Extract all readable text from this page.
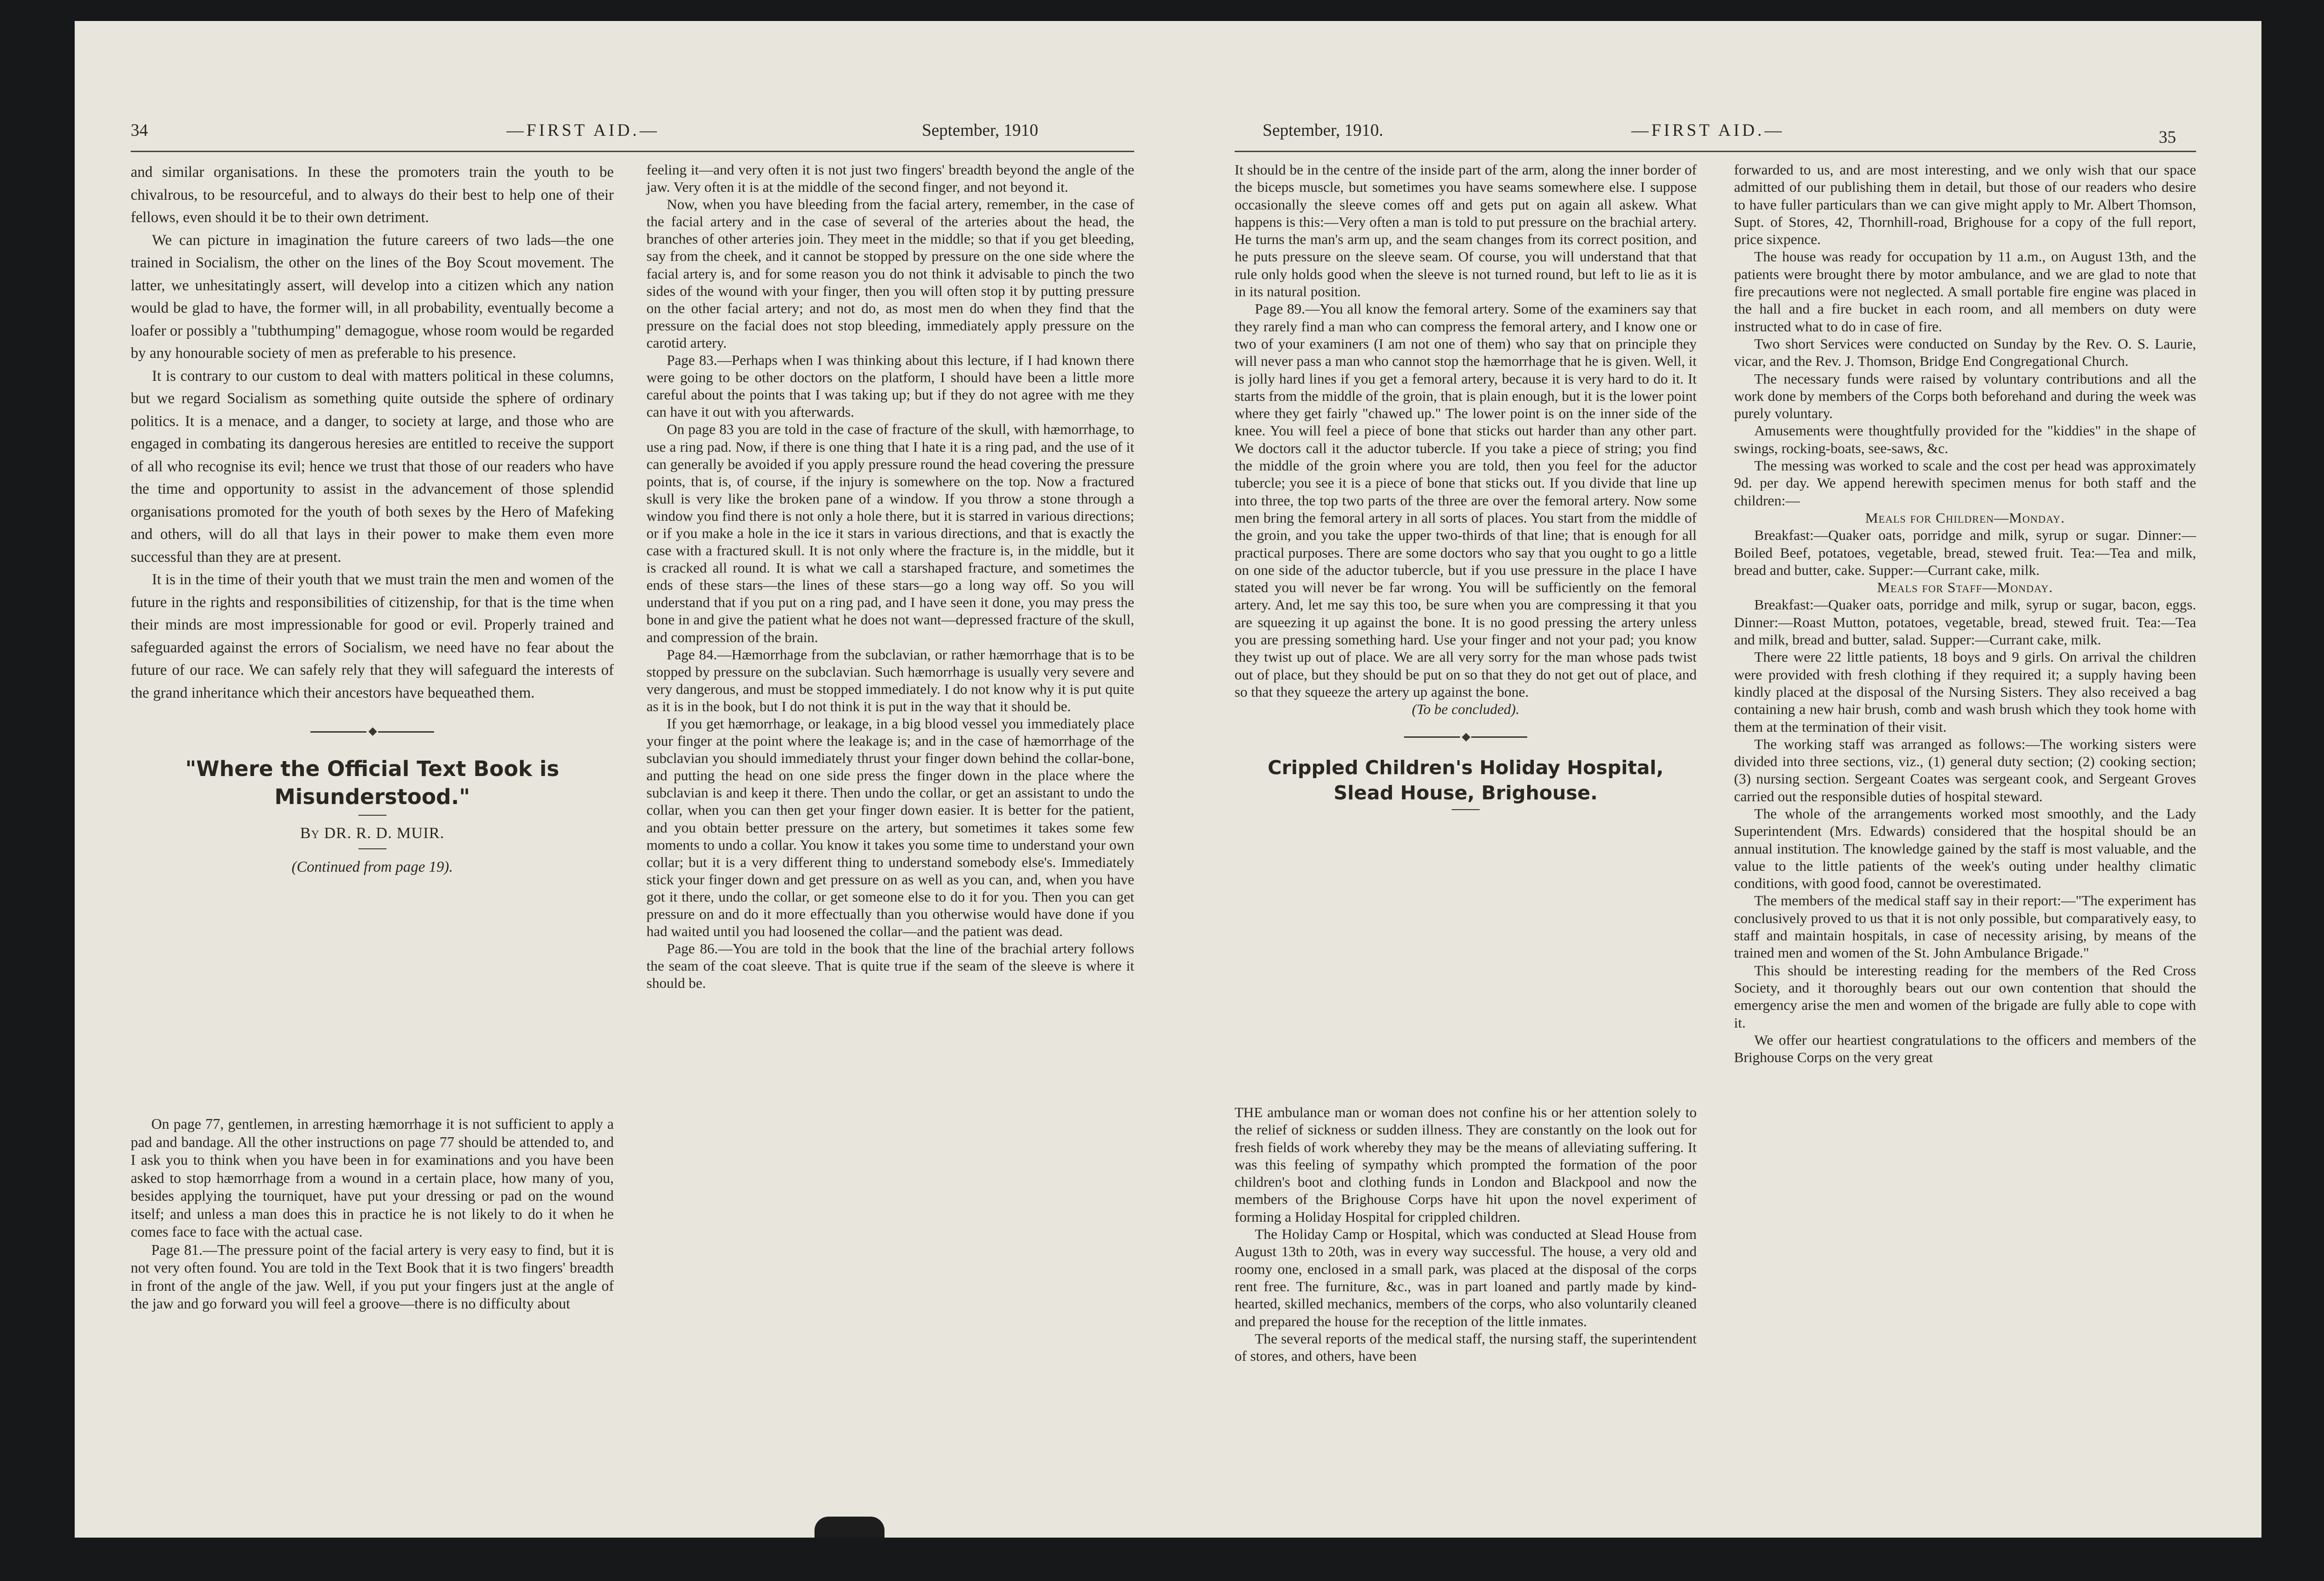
34	—FIRST AID.—	September, 1910

and similar organisations. In these the promoters train the youth to be chivalrous, to be resourceful, and to always do their best to help one of their fellows, even should it be to their own detriment.

We can picture in imagination the future careers of two lads—the one trained in Socialism, the other on the lines of the Boy Scout movement. The latter, we unhesitatingly assert, will develop into a citizen which any nation would be glad to have, the former will, in all probability, eventually become a loafer or possibly a "tubthumping" demagogue, whose room would be regarded by any honourable society of men as preferable to his presence.

It is contrary to our custom to deal with matters political in these columns, but we regard Socialism as something quite outside the sphere of ordinary politics. It is a menace, and a danger, to society at large, and those who are engaged in combating its dangerous heresies are entitled to receive the support of all who recognise its evil; hence we trust that those of our readers who have the time and opportunity to assist in the advancement of those splendid organisations promoted for the youth of both sexes by the Hero of Mafeking and others, will do all that lays in their power to make them even more successful than they are at present.

It is in the time of their youth that we must train the men and women of the future in the rights and responsibilities of citizenship, for that is the time when their minds are most impressionable for good or evil. Properly trained and safeguarded against the errors of Socialism, we need have no fear about the future of our race. We can safely rely that they will safeguard the interests of the grand inheritance which their ancestors have bequeathed them.

◆
"Where the Official Text Book is Misunderstood."

By DR. R. D. MUIR.

(Continued from page 19).

On page 77, gentlemen, in arresting hæmorrhage it is not sufficient to apply a pad and bandage. All the other instructions on page 77 should be attended to, and I ask you to think when you have been in for examinations and you have been asked to stop hæmorrhage from a wound in a certain place, how many of you, besides applying the tourniquet, have put your dressing or pad on the wound itself; and unless a man does this in practice he is not likely to do it when he comes face to face with the actual case.

Page 81.—The pressure point of the facial artery is very easy to find, but it is not very often found. You are told in the Text Book that it is two fingers' breadth in front of the angle of the jaw. Well, if you put your fingers just at the angle of the jaw and go forward you will feel a groove—there is no difficulty about

feeling it—and very often it is not just two fingers' breadth beyond the angle of the jaw. Very often it is at the middle of the second finger, and not beyond it.

Now, when you have bleeding from the facial artery, remember, in the case of the facial artery and in the case of several of the arteries about the head, the branches of other arteries join. They meet in the middle; so that if you get bleeding, say from the cheek, and it cannot be stopped by pressure on the one side where the facial artery is, and for some reason you do not think it advisable to pinch the two sides of the wound with your finger, then you will often stop it by putting pressure on the other facial artery; and not do, as most men do when they find that the pressure on the facial does not stop bleeding, immediately apply pressure on the carotid artery.

Page 83.—Perhaps when I was thinking about this lecture, if I had known there were going to be other doctors on the platform, I should have been a little more careful about the points that I was taking up; but if they do not agree with me they can have it out with you afterwards.

On page 83 you are told in the case of fracture of the skull, with hæmorrhage, to use a ring pad. Now, if there is one thing that I hate it is a ring pad, and the use of it can generally be avoided if you apply pressure round the head covering the pressure points, that is, of course, if the injury is somewhere on the top. Now a fractured skull is very like the broken pane of a window. If you throw a stone through a window you find there is not only a hole there, but it is starred in various directions; or if you make a hole in the ice it stars in various directions, and that is exactly the case with a fractured skull. It is not only where the fracture is, in the middle, but it is cracked all round. It is what we call a starshaped fracture, and sometimes the ends of these stars—the lines of these stars—go a long way off. So you will understand that if you put on a ring pad, and I have seen it done, you may press the bone in and give the patient what he does not want—depressed fracture of the skull, and compression of the brain.

Page 84.—Hæmorrhage from the subclavian, or rather hæmorrhage that is to be stopped by pressure on the subclavian. Such hæmorrhage is usually very severe and very dangerous, and must be stopped immediately. I do not know why it is put quite as it is in the book, but I do not think it is put in the way that it should be.

If you get hæmorrhage, or leakage, in a big blood vessel you immediately place your finger at the point where the leakage is; and in the case of hæmorrhage of the subclavian you should immediately thrust your finger down behind the collar-bone, and putting the head on one side press the finger down in the place where the subclavian is and keep it there. Then undo the collar, or get an assistant to undo the collar, when you can then get your finger down easier. It is better for the patient, and you obtain better pressure on the artery, but sometimes it takes some few moments to undo a collar. You know it takes you some time to understand your own collar; but it is a very different thing to understand somebody else's. Immediately stick your finger down and get pressure on as well as you can, and, when you have got it there, undo the collar, or get someone else to do it for you. Then you can get pressure on and do it more effectually than you otherwise would have done if you had waited until you had loosened the collar—and the patient was dead.

Page 86.—You are told in the book that the line of the brachial artery follows the seam of the coat sleeve. That is quite true if the seam of the sleeve is where it should be.

September, 1910.	—FIRST AID.—	35

It should be in the centre of the inside part of the arm, along the inner border of the biceps muscle, but sometimes you have seams somewhere else. I suppose occasionally the sleeve comes off and gets put on again all askew. What happens is this:—Very often a man is told to put pressure on the brachial artery. He turns the man's arm up, and the seam changes from its correct position, and he puts pressure on the sleeve seam. Of course, you will understand that that rule only holds good when the sleeve is not turned round, but left to lie as it is in its natural position.

Page 89.—You all know the femoral artery. Some of the examiners say that they rarely find a man who can compress the femoral artery, and I know one or two of your examiners (I am not one of them) who say that on principle they will never pass a man who cannot stop the hæmorrhage that he is given. Well, it is jolly hard lines if you get a femoral artery, because it is very hard to do it. It starts from the middle of the groin, that is plain enough, but it is the lower point where they get fairly "chawed up." The lower point is on the inner side of the knee. You will feel a piece of bone that sticks out harder than any other part. We doctors call it the aductor tubercle. If you take a piece of string; you find the middle of the groin where you are told, then you feel for the aductor tubercle; you see it is a piece of bone that sticks out. If you divide that line up into three, the top two parts of the three are over the femoral artery. Now some men bring the femoral artery in all sorts of places. You start from the middle of the groin, and you take the upper two-thirds of that line; that is enough for all practical purposes. There are some doctors who say that you ought to go a little on one side of the aductor tubercle, but if you use pressure in the place I have stated you will never be far wrong. You will be sufficiently on the femoral artery. And, let me say this too, be sure when you are compressing it that you are squeezing it up against the bone. It is no good pressing the artery unless you are pressing something hard. Use your finger and not your pad; you know they twist up out of place. We are all very sorry for the man whose pads twist out of place, but they should be put on so that they do not get out of place, and so that they squeeze the artery up against the bone.

(To be concluded).

◆
Crippled Children's Holiday Hospital, Slead House, Brighouse.

THE ambulance man or woman does not confine his or her attention solely to the relief of sickness or sudden illness. They are constantly on the look out for fresh fields of work whereby they may be the means of alleviating suffering. It was this feeling of sympathy which prompted the formation of the poor children's boot and clothing funds in London and Blackpool and now the members of the Brighouse Corps have hit upon the novel experiment of forming a Holiday Hospital for crippled children.

The Holiday Camp or Hospital, which was conducted at Slead House from August 13th to 20th, was in every way successful. The house, a very old and roomy one, enclosed in a small park, was placed at the disposal of the corps rent free. The furniture, &c., was in part loaned and partly made by kind-hearted, skilled mechanics, members of the corps, who also voluntarily cleaned and prepared the house for the reception of the little inmates.

The several reports of the medical staff, the nursing staff, the superintendent of stores, and others, have been

forwarded to us, and are most interesting, and we only wish that our space admitted of our publishing them in detail, but those of our readers who desire to have fuller particulars than we can give might apply to Mr. Albert Thomson, Supt. of Stores, 42, Thornhill-road, Brighouse for a copy of the full report, price sixpence.

The house was ready for occupation by 11 a.m., on August 13th, and the patients were brought there by motor ambulance, and we are glad to note that fire precautions were not neglected. A small portable fire engine was placed in the hall and a fire bucket in each room, and all members on duty were instructed what to do in case of fire.

Two short Services were conducted on Sunday by the Rev. O. S. Laurie, vicar, and the Rev. J. Thomson, Bridge End Congregational Church.

The necessary funds were raised by voluntary contributions and all the work done by members of the Corps both beforehand and during the week was purely voluntary.

Amusements were thoughtfully provided for the "kiddies" in the shape of swings, rocking-boats, see-saws, &c.

The messing was worked to scale and the cost per head was approximately 9d. per day. We append herewith specimen menus for both staff and the children:—

Meals for Children—Monday.

Breakfast:—Quaker oats, porridge and milk, syrup or sugar. Dinner:—Boiled Beef, potatoes, vegetable, bread, stewed fruit. Tea:—Tea and milk, bread and butter, cake. Supper:—Currant cake, milk.

Meals for Staff—Monday.

Breakfast:—Quaker oats, porridge and milk, syrup or sugar, bacon, eggs. Dinner:—Roast Mutton, potatoes, vegetable, bread, stewed fruit. Tea:—Tea and milk, bread and butter, salad. Supper:—Currant cake, milk.

There were 22 little patients, 18 boys and 9 girls. On arrival the children were provided with fresh clothing if they required it; a supply having been kindly placed at the disposal of the Nursing Sisters. They also received a bag containing a new hair brush, comb and wash brush which they took home with them at the termination of their visit.

The working staff was arranged as follows:—The working sisters were divided into three sections, viz., (1) general duty section; (2) cooking section; (3) nursing section. Sergeant Coates was sergeant cook, and Sergeant Groves carried out the responsible duties of hospital steward.

The whole of the arrangements worked most smoothly, and the Lady Superintendent (Mrs. Edwards) considered that the hospital should be an annual institution. The knowledge gained by the staff is most valuable, and the value to the little patients of the week's outing under healthy climatic conditions, with good food, cannot be overestimated.

The members of the medical staff say in their report:—"The experiment has conclusively proved to us that it is not only possible, but comparatively easy, to staff and maintain hospitals, in case of necessity arising, by means of the trained men and women of the St. John Ambulance Brigade."

This should be interesting reading for the members of the Red Cross Society, and it thoroughly bears out our own contention that should the emergency arise the men and women of the brigade are fully able to cope with it.

We offer our heartiest congratulations to the officers and members of the Brighouse Corps on the very great
